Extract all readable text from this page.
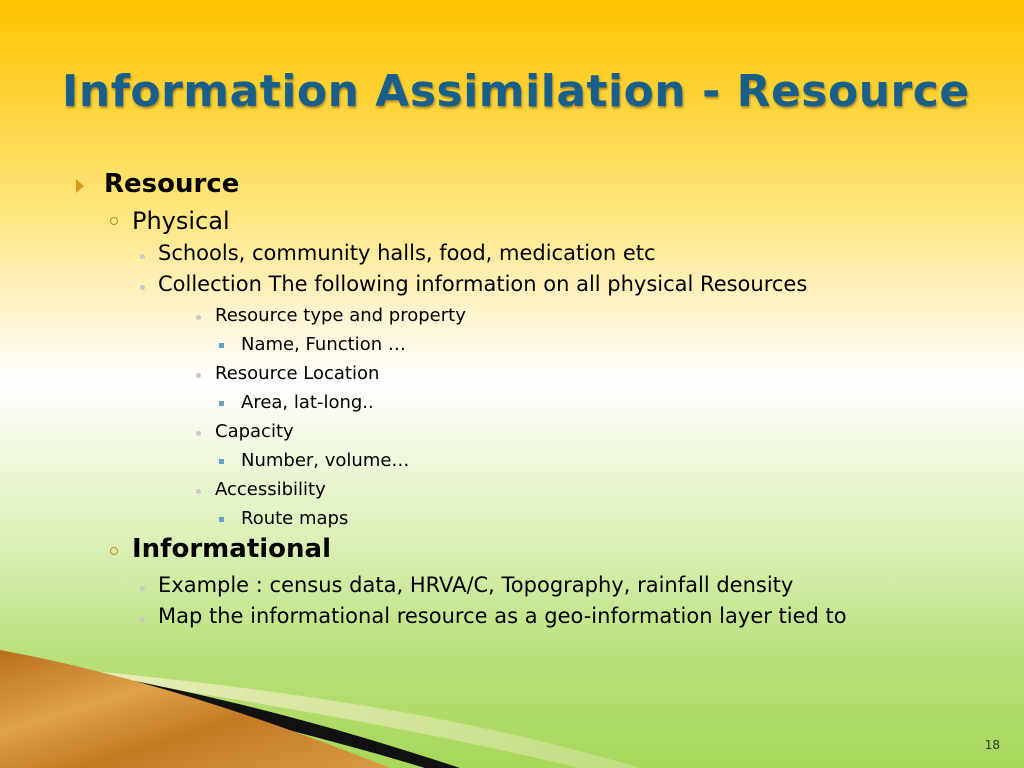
Information Assimilation - Resource
Resource
Physical
Schools, community halls, food, medication etc
Collection The following information on all physical Resources
Resource type and property
Name, Function …
Resource Location
Area, lat-long..
Capacity
Number, volume…
Accessibility
Route maps
Informational
Example : census data, HRVA/C, Topography, rainfall density
Map the informational resource as a geo-information layer tied to
18
